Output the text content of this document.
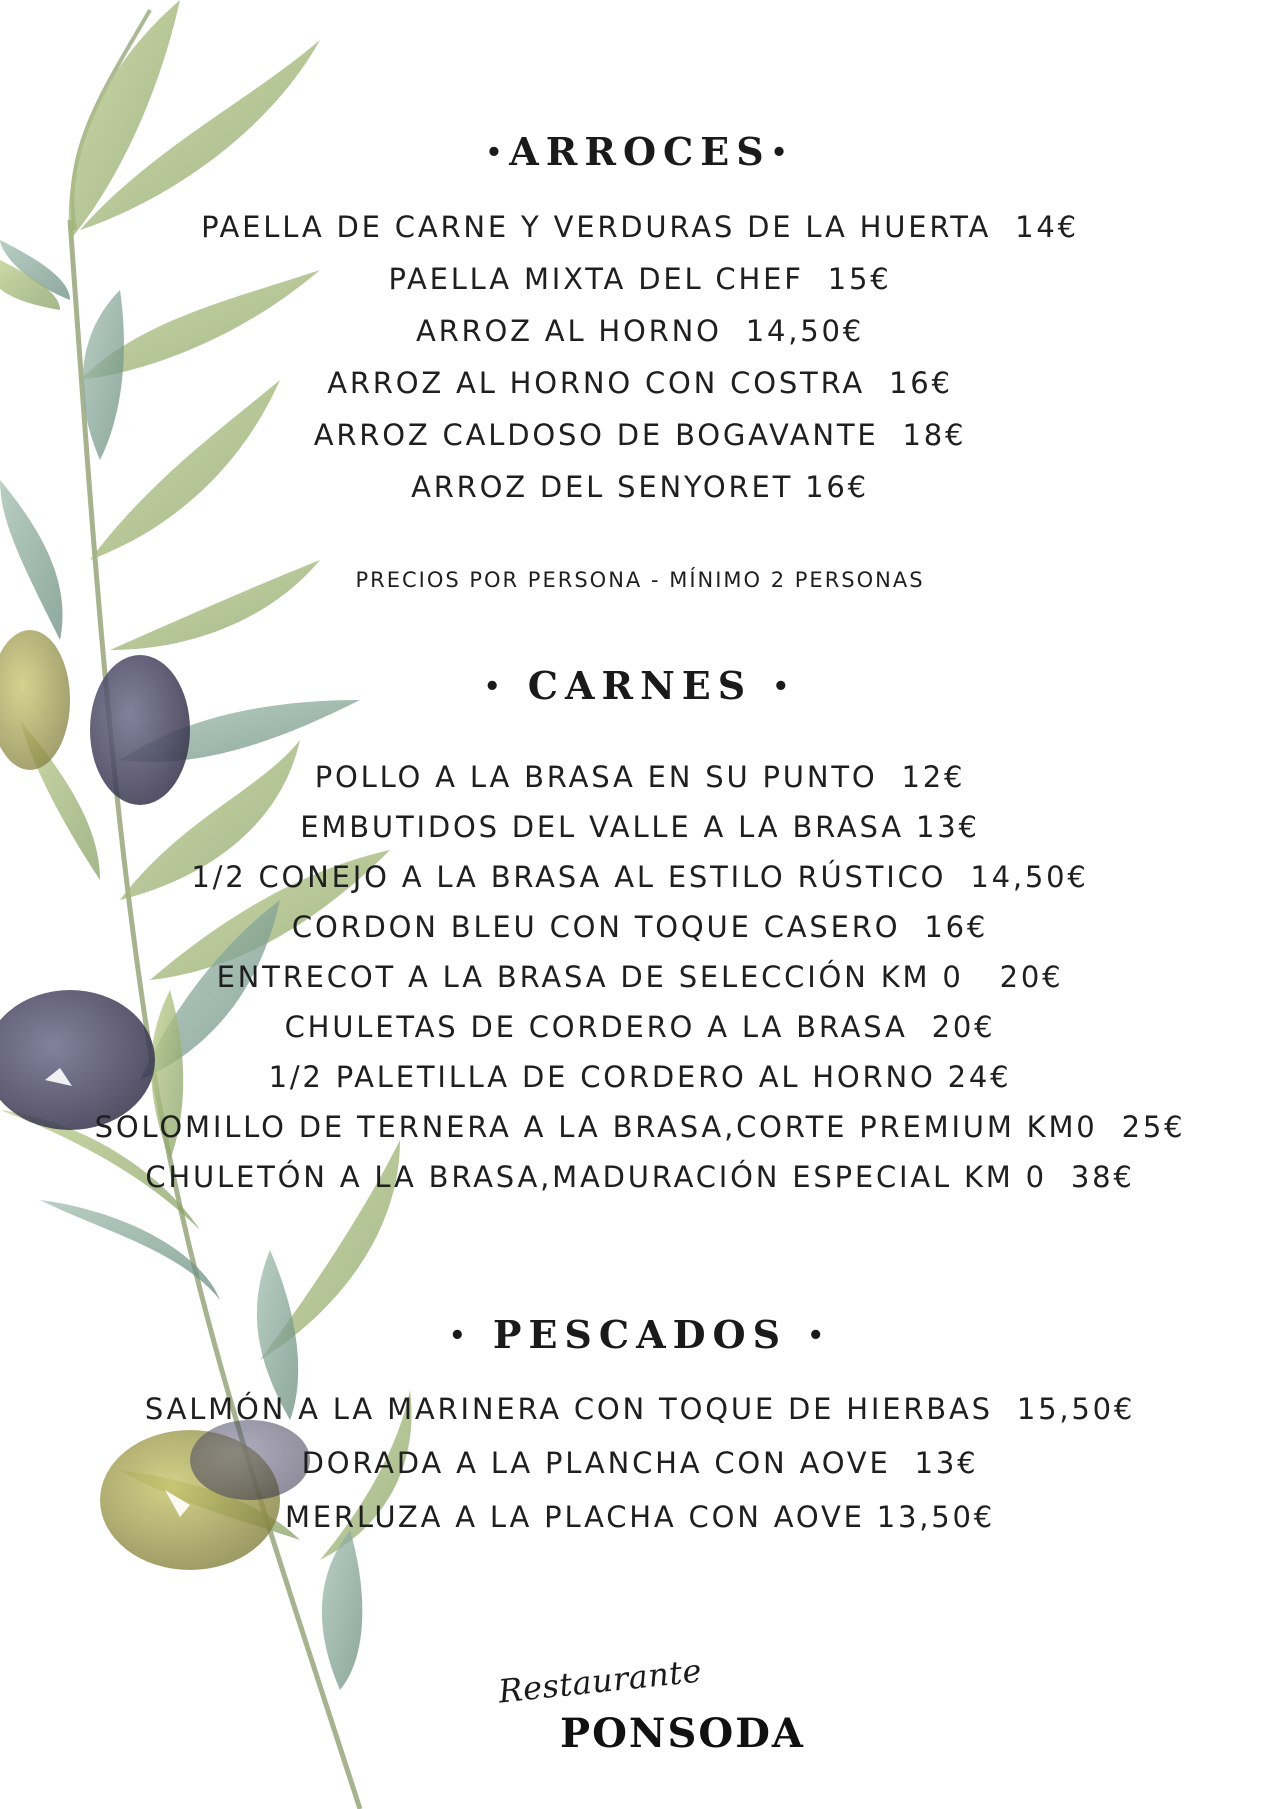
•ARROCES•
PAELLA DE CARNE Y VERDURAS DE LA HUERTA  14€
PAELLA MIXTA DEL CHEF  15€
ARROZ AL HORNO  14,50€
ARROZ AL HORNO CON COSTRA  16€
ARROZ CALDOSO DE BOGAVANTE  18€
ARROZ DEL SENYORET 16€
PRECIOS POR PERSONA - MÍNIMO 2 PERSONAS
• CARNES •
POLLO A LA BRASA EN SU PUNTO  12€
EMBUTIDOS DEL VALLE A LA BRASA 13€
1/2 CONEJO A LA BRASA AL ESTILO RÚSTICO  14,50€
CORDON BLEU CON TOQUE CASERO  16€
ENTRECOT A LA BRASA DE SELECCIÓN KM 0   20€
CHULETAS DE CORDERO A LA BRASA  20€
1/2 PALETILLA DE CORDERO AL HORNO 24€
SOLOMILLO DE TERNERA A LA BRASA,CORTE PREMIUM KM0  25€
CHULETÓN A LA BRASA,MADURACIÓN ESPECIAL KM 0  38€
• PESCADOS •
SALMÓN A LA MARINERA CON TOQUE DE HIERBAS  15,50€
DORADA A LA PLANCHA CON AOVE  13€
MERLUZA A LA PLACHA CON AOVE 13,50€
Restaurante
PONSODA
